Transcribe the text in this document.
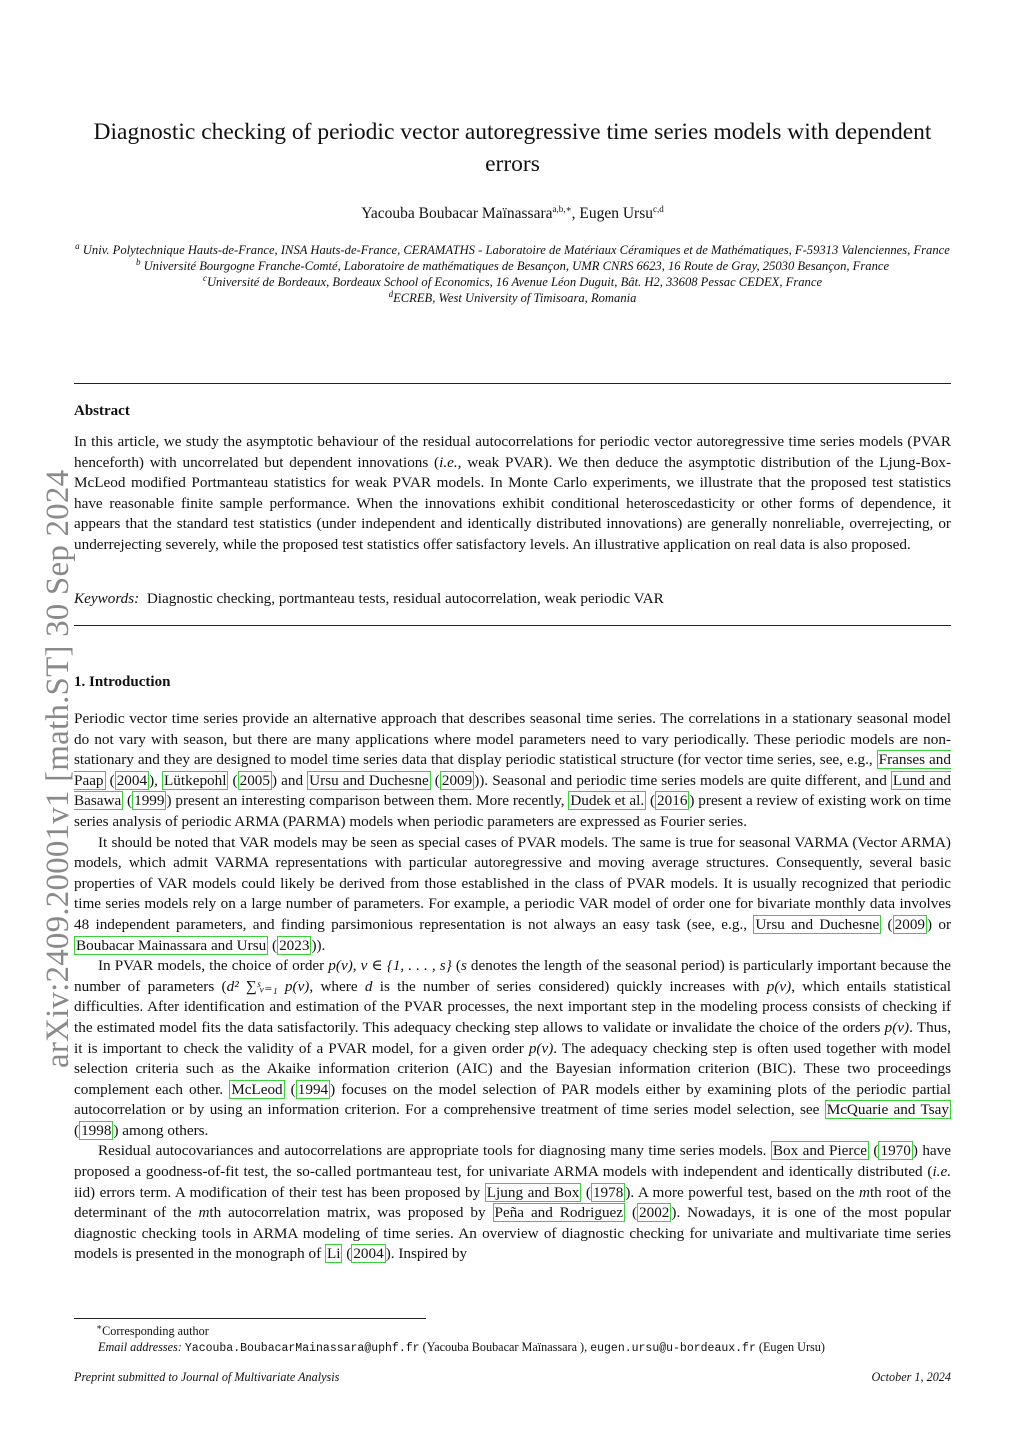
arXiv:2409.20001v1 [math.ST] 30 Sep 2024
Diagnostic checking of periodic vector autoregressive time series models with dependent errors
Yacouba Boubacar Maïnassara$^{a,b,∗}$, Eugen Ursu$^{c,d}$
$^a$ Univ. Polytechnique Hauts-de-France, INSA Hauts-de-France, CERAMATHS - Laboratoire de Matériaux Céramiques et de Mathématiques, F-59313 Valenciennes, France
$^b$ Université Bourgogne Franche-Comté, Laboratoire de mathématiques de Besançon, UMR CNRS 6623, 16 Route de Gray, 25030 Besançon, France
$^c$Université de Bordeaux, Bordeaux School of Economics, 16 Avenue Léon Duguit, Bât. H2, 33608 Pessac CEDEX, France
$^d$ECREB, West University of Timisoara, Romania
Abstract
In this article, we study the asymptotic behaviour of the residual autocorrelations for periodic vector autoregressive time series models (PVAR henceforth) with uncorrelated but dependent innovations (i.e., weak PVAR). We then deduce the asymptotic distribution of the Ljung-Box-McLeod modified Portmanteau statistics for weak PVAR models. In Monte Carlo experiments, we illustrate that the proposed test statistics have reasonable finite sample performance. When the innovations exhibit conditional heteroscedasticity or other forms of dependence, it appears that the standard test statistics (under independent and identically distributed innovations) are generally nonreliable, overrejecting, or underrejecting severely, while the proposed test statistics offer satisfactory levels. An illustrative application on real data is also proposed.
Keywords: Diagnostic checking, portmanteau tests, residual autocorrelation, weak periodic VAR
1. Introduction

Periodic vector time series provide an alternative approach that describes seasonal time series. The correlations in a stationary seasonal model do not vary with season, but there are many applications where model parameters need to vary periodically. These periodic models are non-stationary and they are designed to model time series data that display periodic statistical structure (for vector time series, see, e.g., Franses and Paap ( 2004 ), Lütkepohl ( 2005 ) and Ursu and Duchesne ( 2009 )). Seasonal and periodic time series models are quite different, and Lund and Basawa ( 1999 ) present an interesting comparison between them. More recently, Dudek et al. ( 2016 ) present a review of existing work on time series analysis of periodic ARMA (PARMA) models when periodic parameters are expressed as Fourier series.

It should be noted that VAR models may be seen as special cases of PVAR models. The same is true for seasonal VARMA (Vector ARMA) models, which admit VARMA representations with particular autoregressive and moving average structures. Consequently, several basic properties of VAR models could likely be derived from those established in the class of PVAR models. It is usually recognized that periodic time series models rely on a large number of parameters. For example, a periodic VAR model of order one for bivariate monthly data involves 48 independent parameters, and finding parsimonious representation is not always an easy task (see, e.g., Ursu and Duchesne ( 2009 ) or Boubacar Mainassara and Ursu ( 2023 )).

In PVAR models, the choice of order p(ν), ν ∈ {1, . . . , s} (s denotes the length of the seasonal period) is particularly important because the number of parameters (d² ∑ˢᵥ₌₁ p(ν), where d is the number of series considered) quickly increases with p(ν), which entails statistical difficulties. After identification and estimation of the PVAR processes, the next important step in the modeling process consists of checking if the estimated model fits the data satisfactorily. This adequacy checking step allows to validate or invalidate the choice of the orders p(ν). Thus, it is important to check the validity of a PVAR model, for a given order p(ν). The adequacy checking step is often used together with model selection criteria such as the Akaike information criterion (AIC) and the Bayesian information criterion (BIC). These two proceedings complement each other. McLeod ( 1994 ) focuses on the model selection of PAR models either by examining plots of the periodic partial autocorrelation or by using an information criterion. For a comprehensive treatment of time series model selection, see McQuarie and Tsay ( 1998 ) among others.

Residual autocovariances and autocorrelations are appropriate tools for diagnosing many time series models. Box and Pierce ( 1970 ) have proposed a goodness-of-fit test, the so-called portmanteau test, for univariate ARMA models with independent and identically distributed (i.e. iid) errors term. A modification of their test has been proposed by Ljung and Box ( 1978 ). A more powerful test, based on the mth root of the determinant of the mth autocorrelation matrix, was proposed by Peña and Rodriguez ( 2002 ). Nowadays, it is one of the most popular diagnostic checking tools in ARMA modeling of time series. An overview of diagnostic checking for univariate and multivariate time series models is presented in the monograph of Li ( 2004 ). Inspired by

∗Corresponding author
Email addresses: Yacouba.BoubacarMainassara@uphf.fr (Yacouba Boubacar Maïnassara ), eugen.ursu@u-bordeaux.fr (Eugen Ursu)
Preprint submitted to Journal of Multivariate Analysis	October 1, 2024
